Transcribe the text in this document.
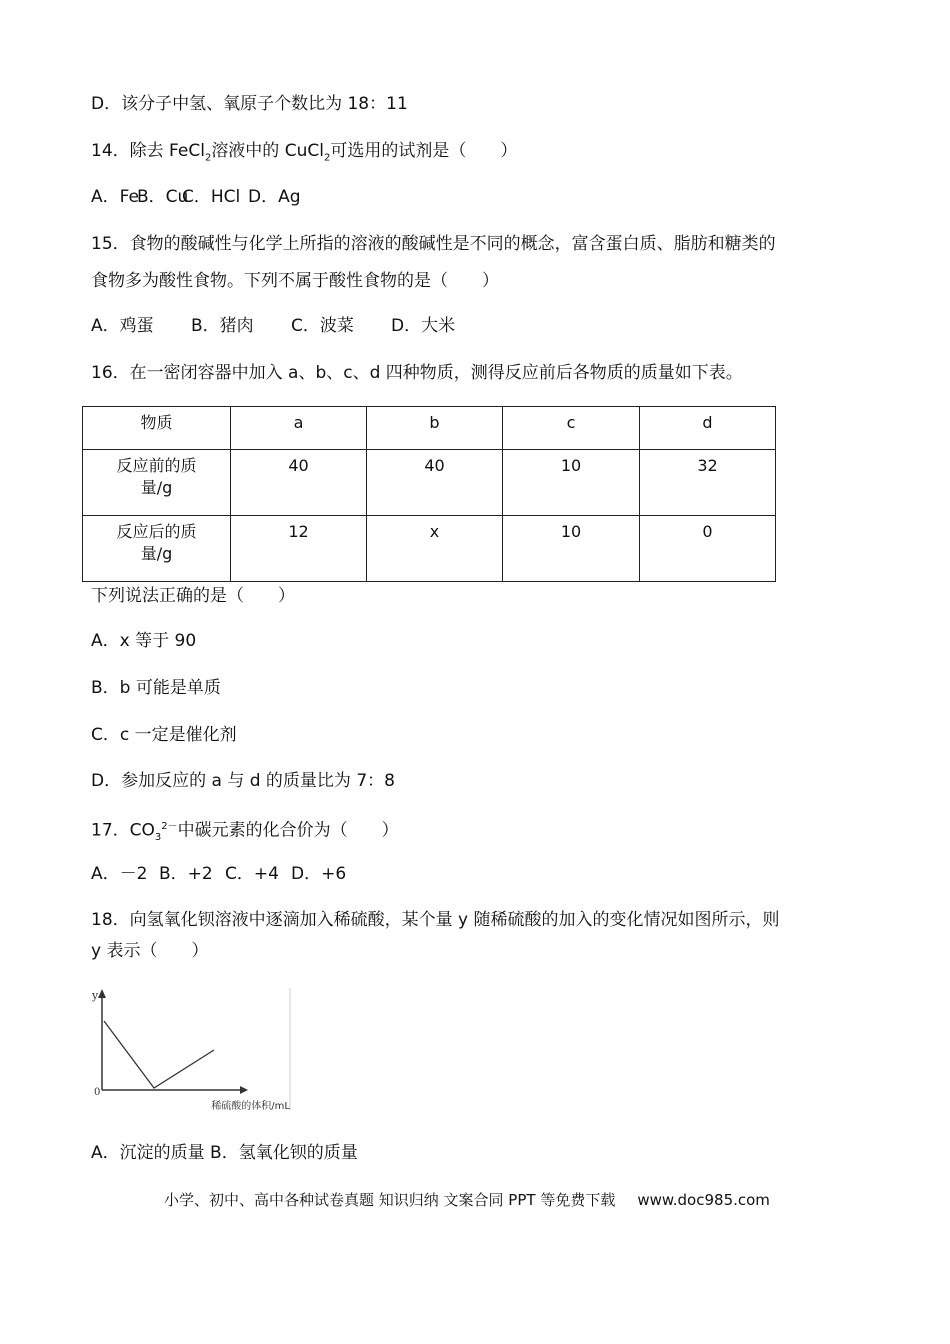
D．该分子中氢、氧原子个数比为 18：11
14．除去 FeCl$_2$溶液中的 CuCl$_2$可选用的试剂是（　　）
A．FeB．CuC．HCl D．Ag
15．食物的酸碱性与化学上所指的溶液的酸碱性是不同的概念，富含蛋白质、脂肪和糖类的
食物多为酸性食物。下列不属于酸性食物的是（　　）
A．鸡蛋 B．猪肉 C．波菜 D．大米
16．在一密闭容器中加入 a、b、c、d 四种物质，测得反应前后各物质的质量如下表。
物质	a	b	c	d
反应前的质
量/g	40	40	10	32
反应后的质
量/g	12	x	10	0
下列说法正确的是（　　）
A．x 等于 90
B．b 可能是单质
C．c 一定是催化剂
D．参加反应的 a 与 d 的质量比为 7：8
17．$CO_3^{2-}$中碳元素的化合价为（　　）
A．－2 B．+2 C．+4 D．+6
18．向氢氧化钡溶液中逐滴加入稀硫酸，某个量 y 随稀硫酸的加入的变化情况如图所示，则
y 表示（　　）
y
0
稀硫酸的体积/mL
A．沉淀的质量 B．氢氧化钡的质量
小学、初中、高中各种试卷真题 知识归纳 文案合同 PPT 等免费下载 www.doc985.com
